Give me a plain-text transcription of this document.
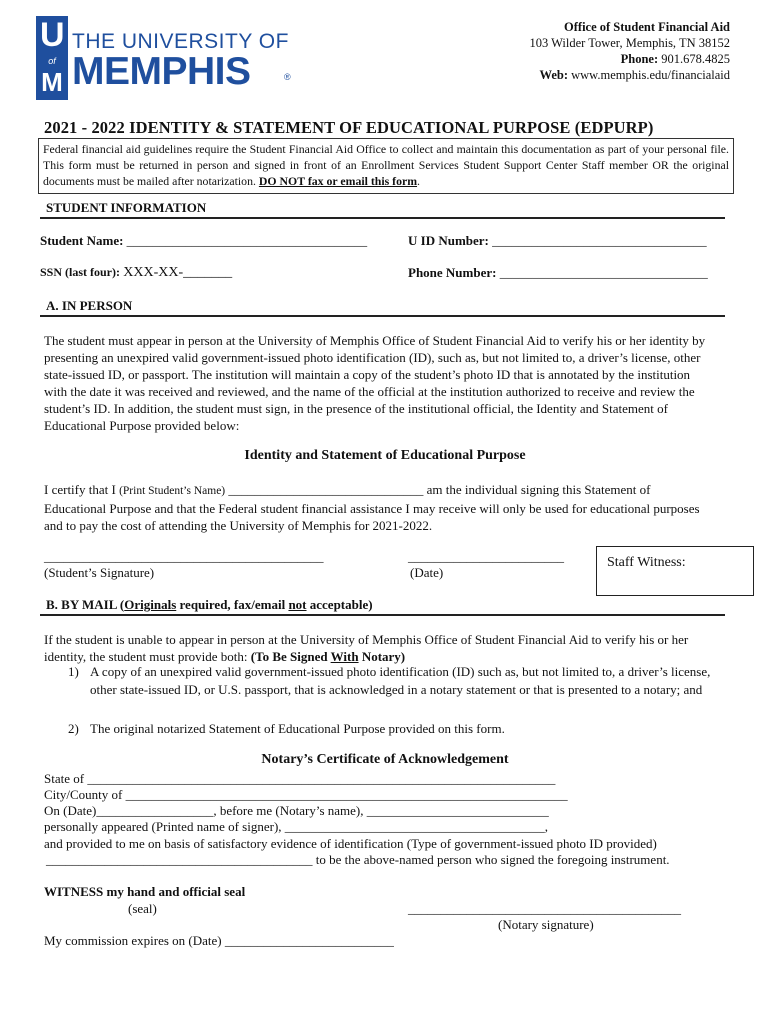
U
of
M
THE UNIVERSITY OF
MEMPHIS	®
Office of Student Financial Aid
103 Wilder Tower, Memphis, TN 38152
Phone: 901.678.4825
Web: www.memphis.edu/financialaid
2021 - 2022 IDENTITY & STATEMENT OF EDUCATIONAL PURPOSE (EDPURP)
Federal financial aid guidelines require the Student Financial Aid Office to collect and maintain this documentation as part of your personal file. This form must be returned in person and signed in front of an Enrollment Services Student Support Center Staff member OR the original documents must be mailed after notarization. DO NOT fax or email this form.
STUDENT INFORMATION
Student Name: _____________________________________	U ID Number: _________________________________
SSN (last four): XXX-XX-_______	Phone Number: ________________________________
A. IN PERSON
The student must appear in person at the University of Memphis Office of Student Financial Aid to verify his or her identity by presenting an unexpired valid government-issued photo identification (ID), such as, but not limited to, a driver’s license, other state-issued ID, or passport. The institution will maintain a copy of the student’s photo ID that is annotated by the institution with the date it was received and reviewed, and the name of the official at the institution authorized to receive and review the student’s ID. In addition, the student must sign, in the presence of the institutional official, the Identity and Statement of Educational Purpose provided below:
Identity and Statement of Educational Purpose
I certify that I (Print Student’s Name) ______________________________ am the individual signing this Statement of Educational Purpose and that the Federal student financial assistance I may receive will only be used for educational purposes and to pay the cost of attending the University of Memphis for 2021-2022.
___________________________________________
(Student’s Signature)
________________________
(Date)
Staff Witness:
B. BY MAIL (Originals required, fax/email not acceptable)
If the student is unable to appear in person at the University of Memphis Office of Student Financial Aid to verify his or her identity, the student must provide both: (To Be Signed With Notary)
1) A copy of an unexpired valid government-issued photo identification (ID) such as, but not limited to, a driver’s license, other state-issued ID, or U.S. passport, that is acknowledged in a notary statement or that is presented to a notary; and
2) The original notarized Statement of Educational Purpose provided on this form.
Notary’s Certificate of Acknowledgement
State of ________________________________________________________________________
City/County of ____________________________________________________________________
On (Date)__________________, before me (Notary’s name), ____________________________
personally appeared (Printed name of signer), ________________________________________,
and provided to me on basis of satisfactory evidence of identification (Type of government-issued photo ID provided)
_________________________________________ to be the above-named person who signed the foregoing instrument.
WITNESS my hand and official seal
(seal)	__________________________________________
(Notary signature)
My commission expires on (Date) __________________________
